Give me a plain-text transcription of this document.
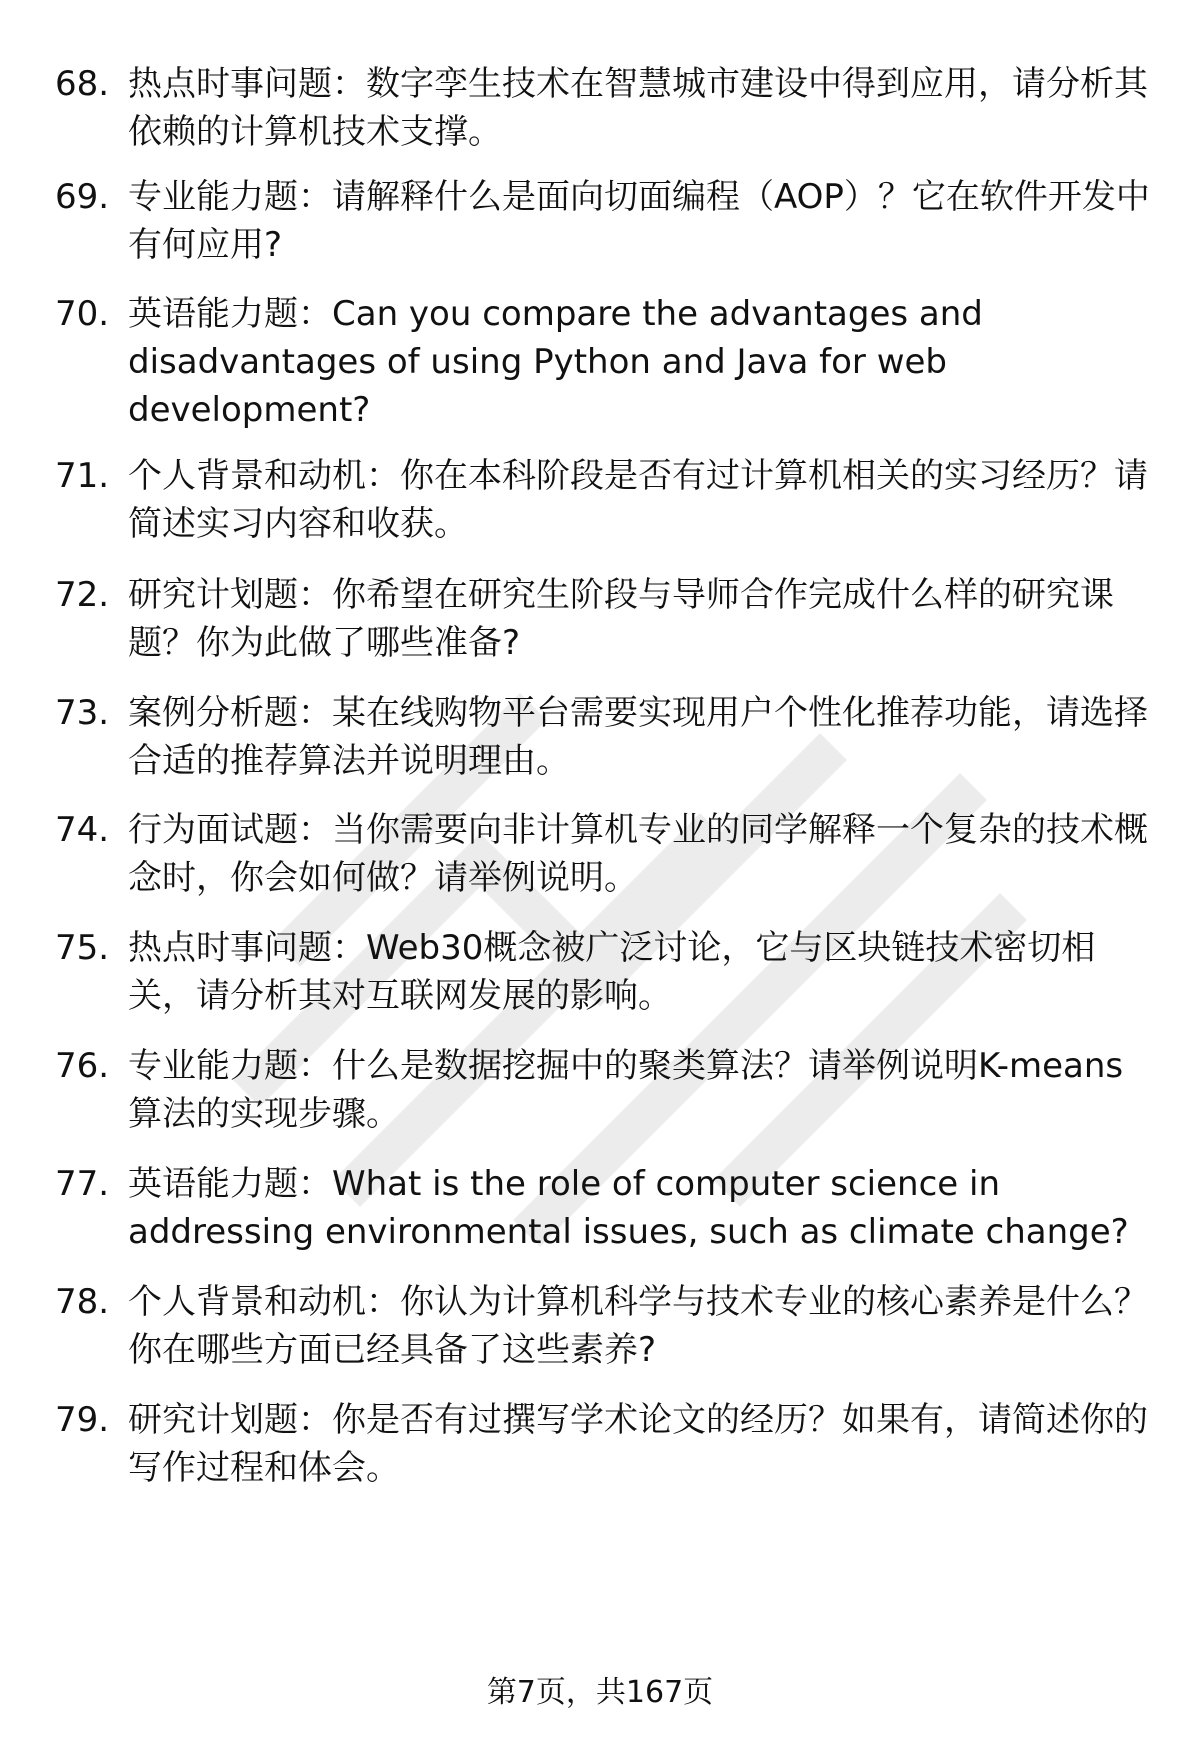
68. 热点时事问题：数字孪生技术在智慧城市建设中得到应用，请分析其依赖的计算机技术支撑。
69. 专业能力题：请解释什么是面向切面编程（AOP）？它在软件开发中有何应用?
70. 英语能力题：Can you compare the advantages and disadvantages of using Python and Java for web development?
71. 个人背景和动机：你在本科阶段是否有过计算机相关的实习经历？请简述实习内容和收获。
72. 研究计划题：你希望在研究生阶段与导师合作完成什么样的研究课题？你为此做了哪些准备?
73. 案例分析题：某在线购物平台需要实现用户个性化推荐功能，请选择合适的推荐算法并说明理由。
74. 行为面试题：当你需要向非计算机专业的同学解释一个复杂的技术概念时，你会如何做？请举例说明。
75. 热点时事问题：Web30概念被广泛讨论，它与区块链技术密切相关，请分析其对互联网发展的影响。
76. 专业能力题：什么是数据挖掘中的聚类算法？请举例说明K-means算法的实现步骤。
77. 英语能力题：What is the role of computer science in addressing environmental issues, such as climate change?
78. 个人背景和动机：你认为计算机科学与技术专业的核心素养是什么？你在哪些方面已经具备了这些素养?
79. 研究计划题：你是否有过撰写学术论文的经历？如果有，请简述你的写作过程和体会。
第7页，共167页
